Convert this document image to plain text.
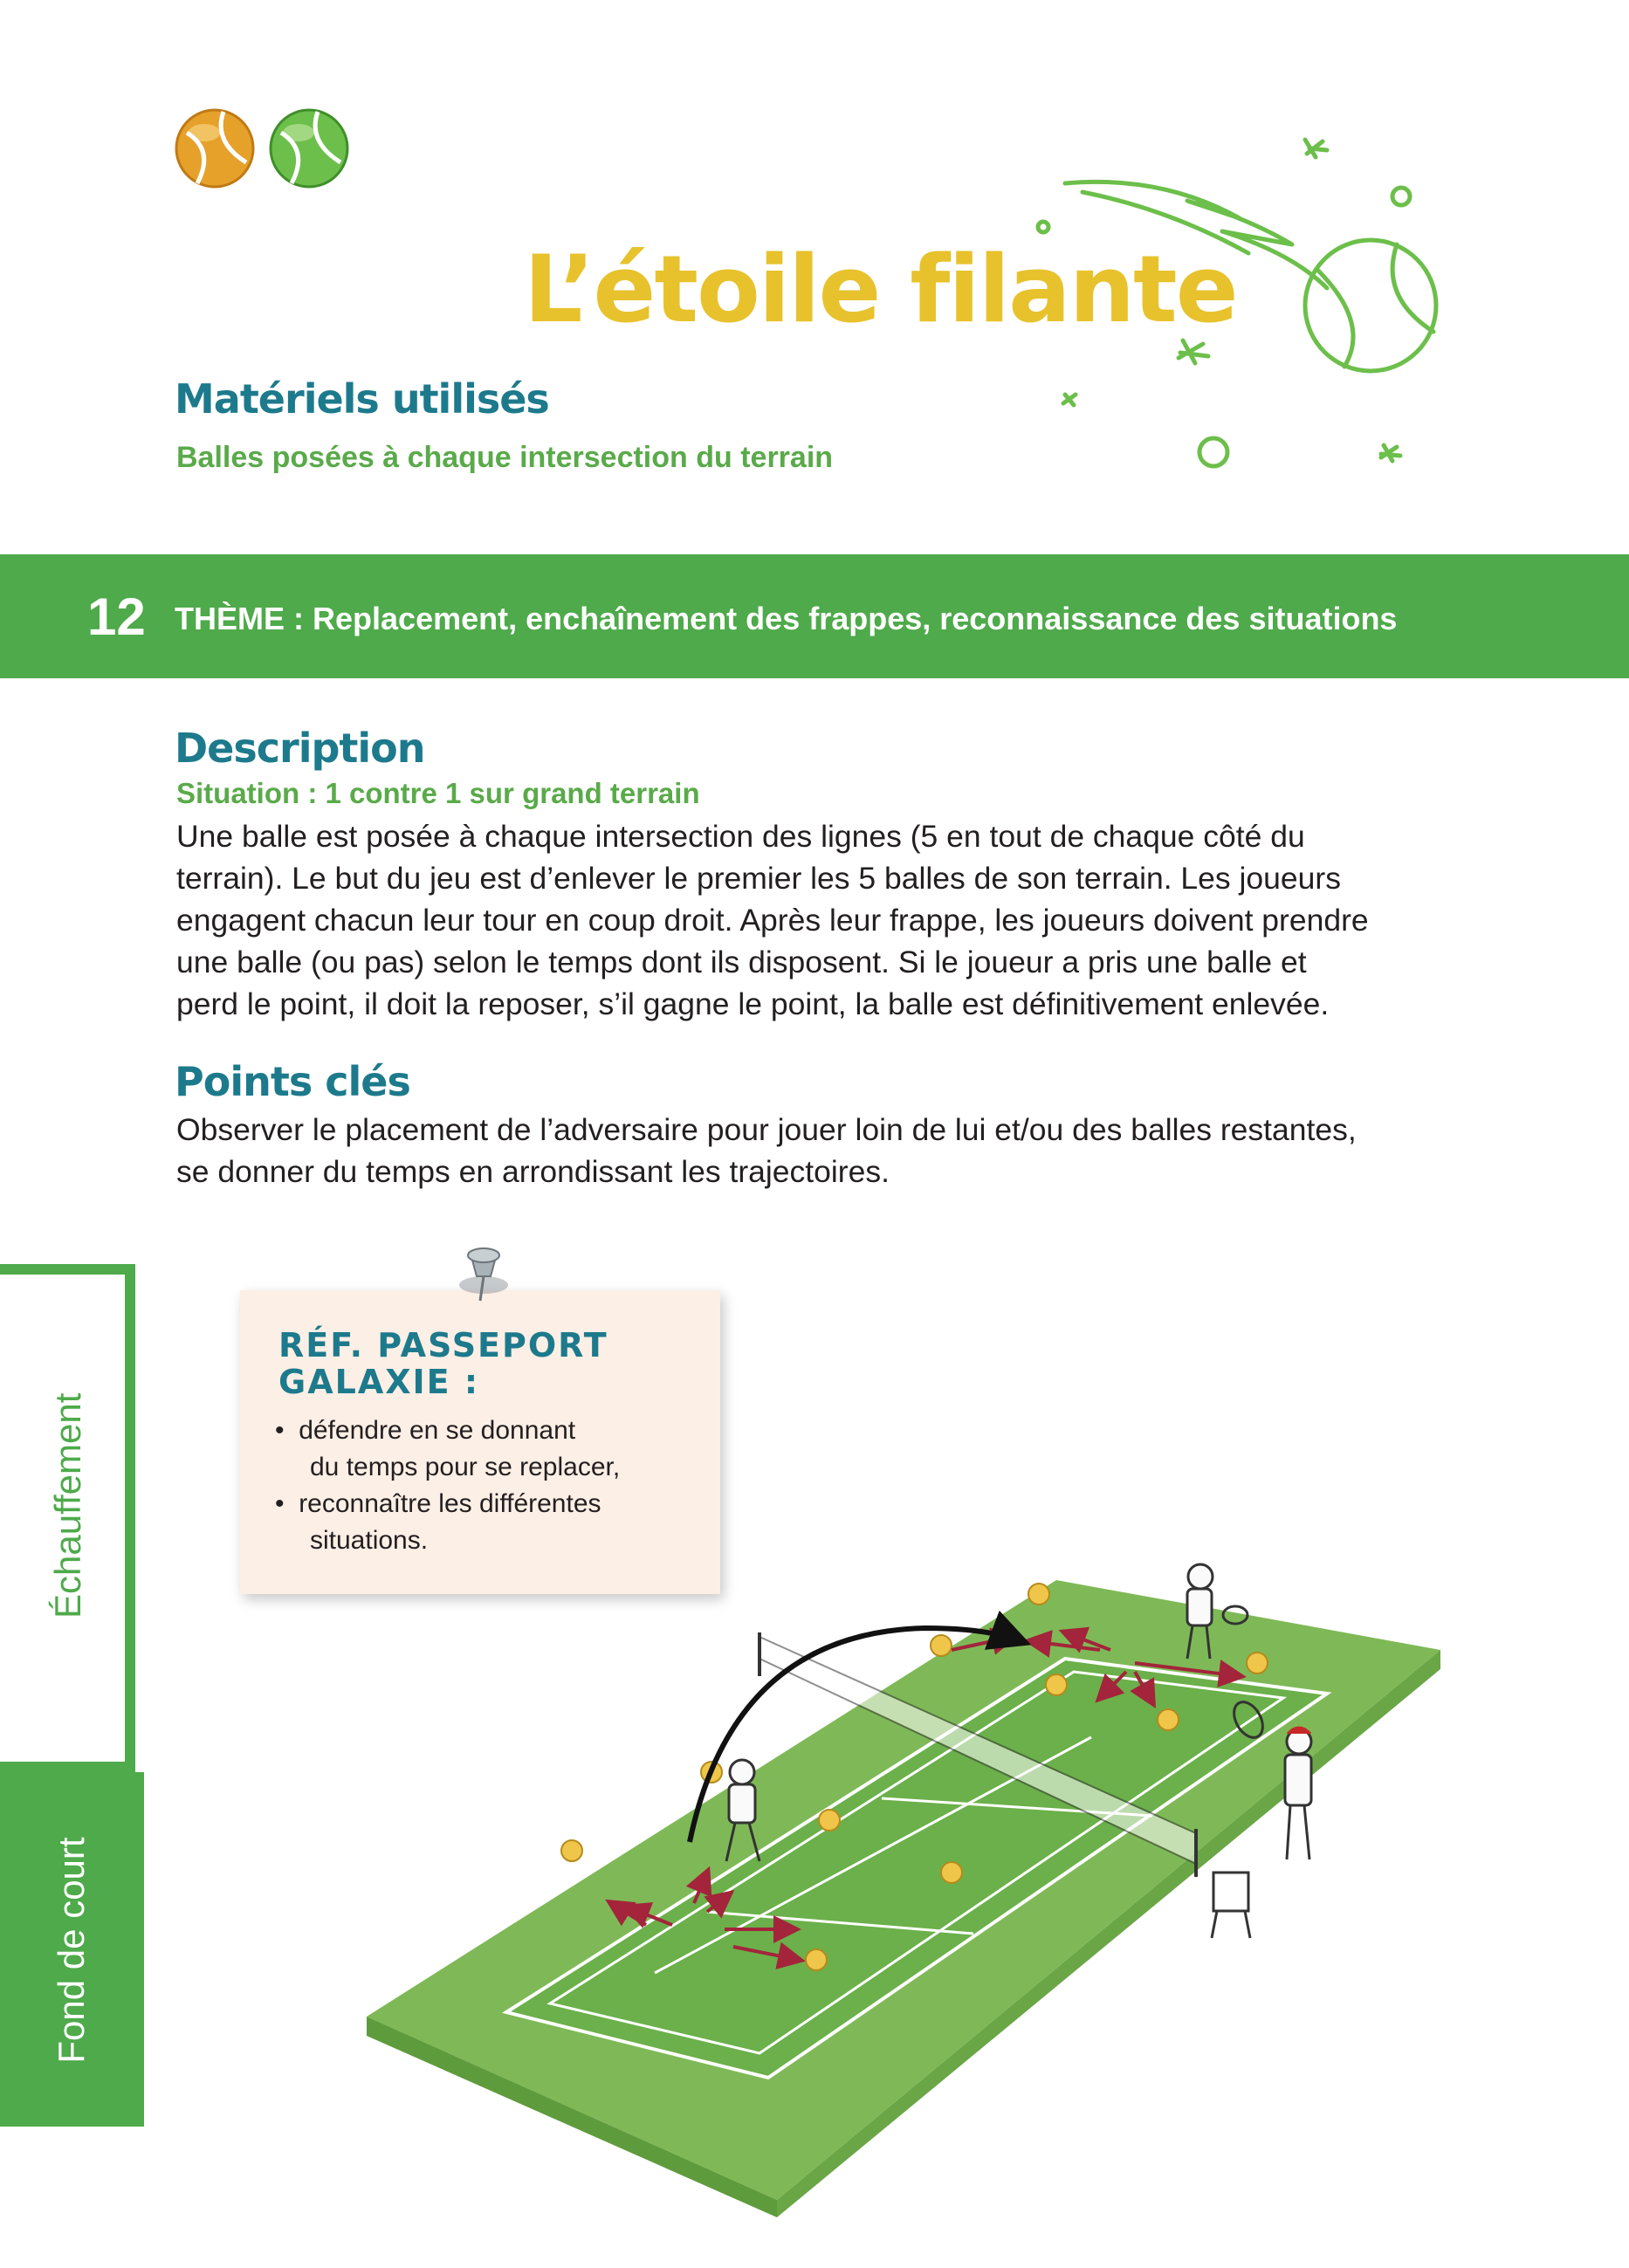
L’étoile filante
Matériels utilisés
Balles posées à chaque intersection du terrain
12 THÈME : Replacement, enchaînement des frappes, reconnaissance des situations
Description
Situation : 1 contre 1 sur grand terrain
Une balle est posée à chaque intersection des lignes (5 en tout de chaque côté du
terrain). Le but du jeu est d’enlever le premier les 5 balles de son terrain. Les joueurs
engagent chacun leur tour en coup droit. Après leur frappe, les joueurs doivent prendre
une balle (ou pas) selon le temps dont ils disposent. Si le joueur a pris une balle et
perd le point, il doit la reposer, s’il gagne le point, la balle est définitivement enlevée.
Points clés
Observer le placement de l’adversaire pour jouer loin de lui et/ou des balles restantes,
se donner du temps en arrondissant les trajectoires.
Échauffement
Fond de court
RÉF. PASSEPORT
GALAXIE :
•  défendre en se donnant
du temps pour se replacer,
•  reconnaître les différentes
situations.
